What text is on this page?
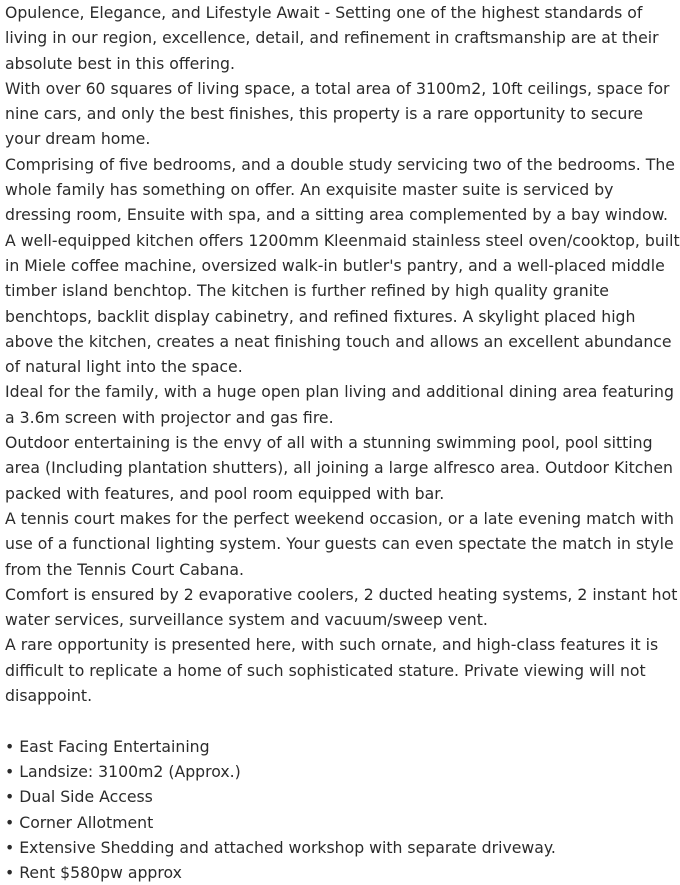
Opulence, Elegance, and Lifestyle Await - Setting one of the highest standards of living in our region, excellence, detail, and refinement in craftsmanship are at their absolute best in this offering.

With over 60 squares of living space, a total area of 3100m2, 10ft ceilings, space for nine cars, and only the best finishes, this property is a rare opportunity to secure your dream home.

Comprising of five bedrooms, and a double study servicing two of the bedrooms. The whole family has something on offer. An exquisite master suite is serviced by dressing room, Ensuite with spa, and a sitting area complemented by a bay window.

A well-equipped kitchen offers 1200mm Kleenmaid stainless steel oven/cooktop, built in Miele coffee machine, oversized walk-in butler's pantry, and a well-placed middle timber island benchtop. The kitchen is further refined by high quality granite benchtops, backlit display cabinetry, and refined fixtures. A skylight placed high above the kitchen, creates a neat finishing touch and allows an excellent abundance of natural light into the space.

Ideal for the family, with a huge open plan living and additional dining area featuring a 3.6m screen with projector and gas fire.

Outdoor entertaining is the envy of all with a stunning swimming pool, pool sitting area (Including plantation shutters), all joining a large alfresco area. Outdoor Kitchen packed with features, and pool room equipped with bar.

A tennis court makes for the perfect weekend occasion, or a late evening match with use of a functional lighting system. Your guests can even spectate the match in style from the Tennis Court Cabana.

Comfort is ensured by 2 evaporative coolers, 2 ducted heating systems, 2 instant hot water services, surveillance system and vacuum/sweep vent.

A rare opportunity is presented here, with such ornate, and high-class features it is difficult to replicate a home of such sophisticated stature. Private viewing will not disappoint.

• East Facing Entertaining
• Landsize: 3100m2 (Approx.)
• Dual Side Access
• Corner Allotment
• Extensive Shedding and attached workshop with separate driveway.
• Rent $580pw approx
